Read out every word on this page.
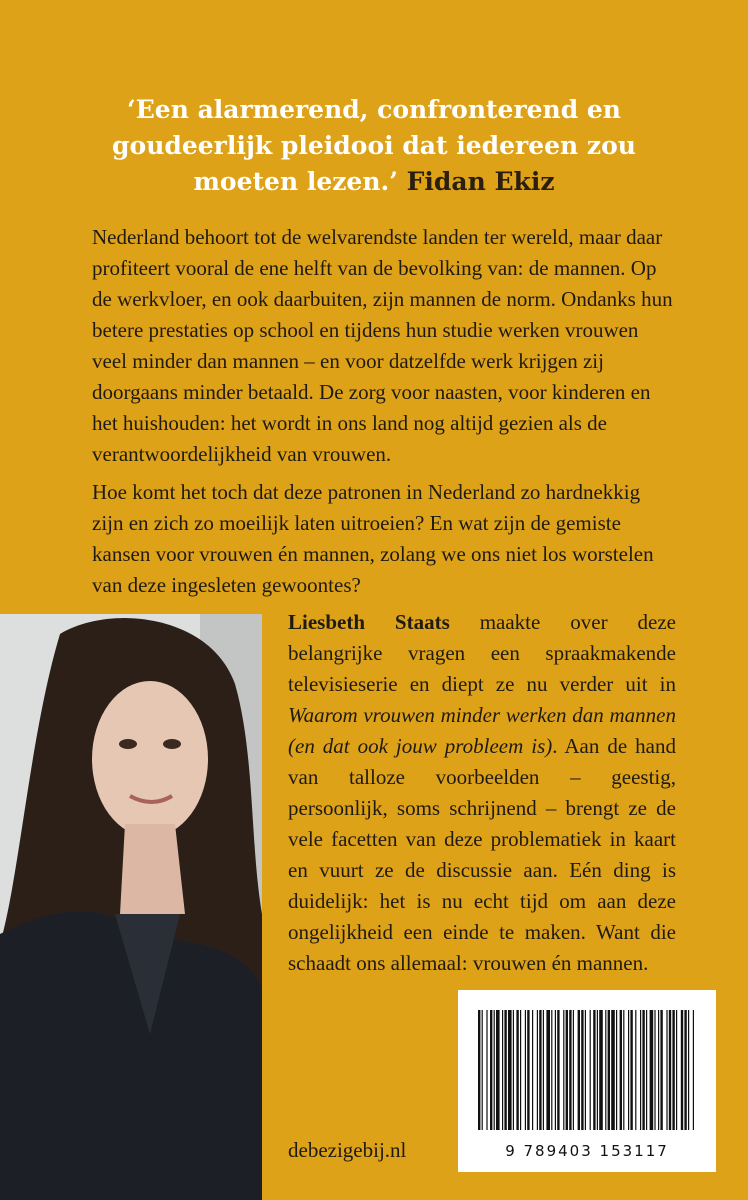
‘Een alarmerend, confronterend en goudeerlijk pleidooi dat iedereen zou moeten lezen.’ Fidan Ekiz

Nederland behoort tot de welvarendste landen ter wereld, maar daar profiteert vooral de ene helft van de bevolking van: de mannen. Op de werkvloer, en ook daarbuiten, zijn mannen de norm. Ondanks hun betere prestaties op school en tijdens hun studie werken vrouwen veel minder dan mannen – en voor datzelfde werk krijgen zij doorgaans minder betaald. De zorg voor naasten, voor kinderen en het huishouden: het wordt in ons land nog altijd gezien als de verantwoordelijkheid van vrouwen.

Hoe komt het toch dat deze patronen in Nederland zo hardnekkig zijn en zich zo moeilijk laten uitroeien? En wat zijn de gemiste kansen voor vrouwen én mannen, zolang we ons niet los worstelen van deze ingesleten gewoontes?

Liesbeth Staats maakte over deze belangrijke vragen een spraakmakende televisieserie en diept ze nu verder uit in Waarom vrouwen minder werken dan mannen (en dat ook jouw probleem is). Aan de hand van talloze voorbeelden – geestig, persoonlijk, soms schrijnend – brengt ze de vele facetten van deze problematiek in kaart en vuurt ze de discussie aan. Eén ding is duidelijk: het is nu echt tijd om aan deze ongelijkheid een einde te maken. Want die schaadt ons allemaal: vrouwen én mannen.

9 789403 153117
debezigebij.nl
